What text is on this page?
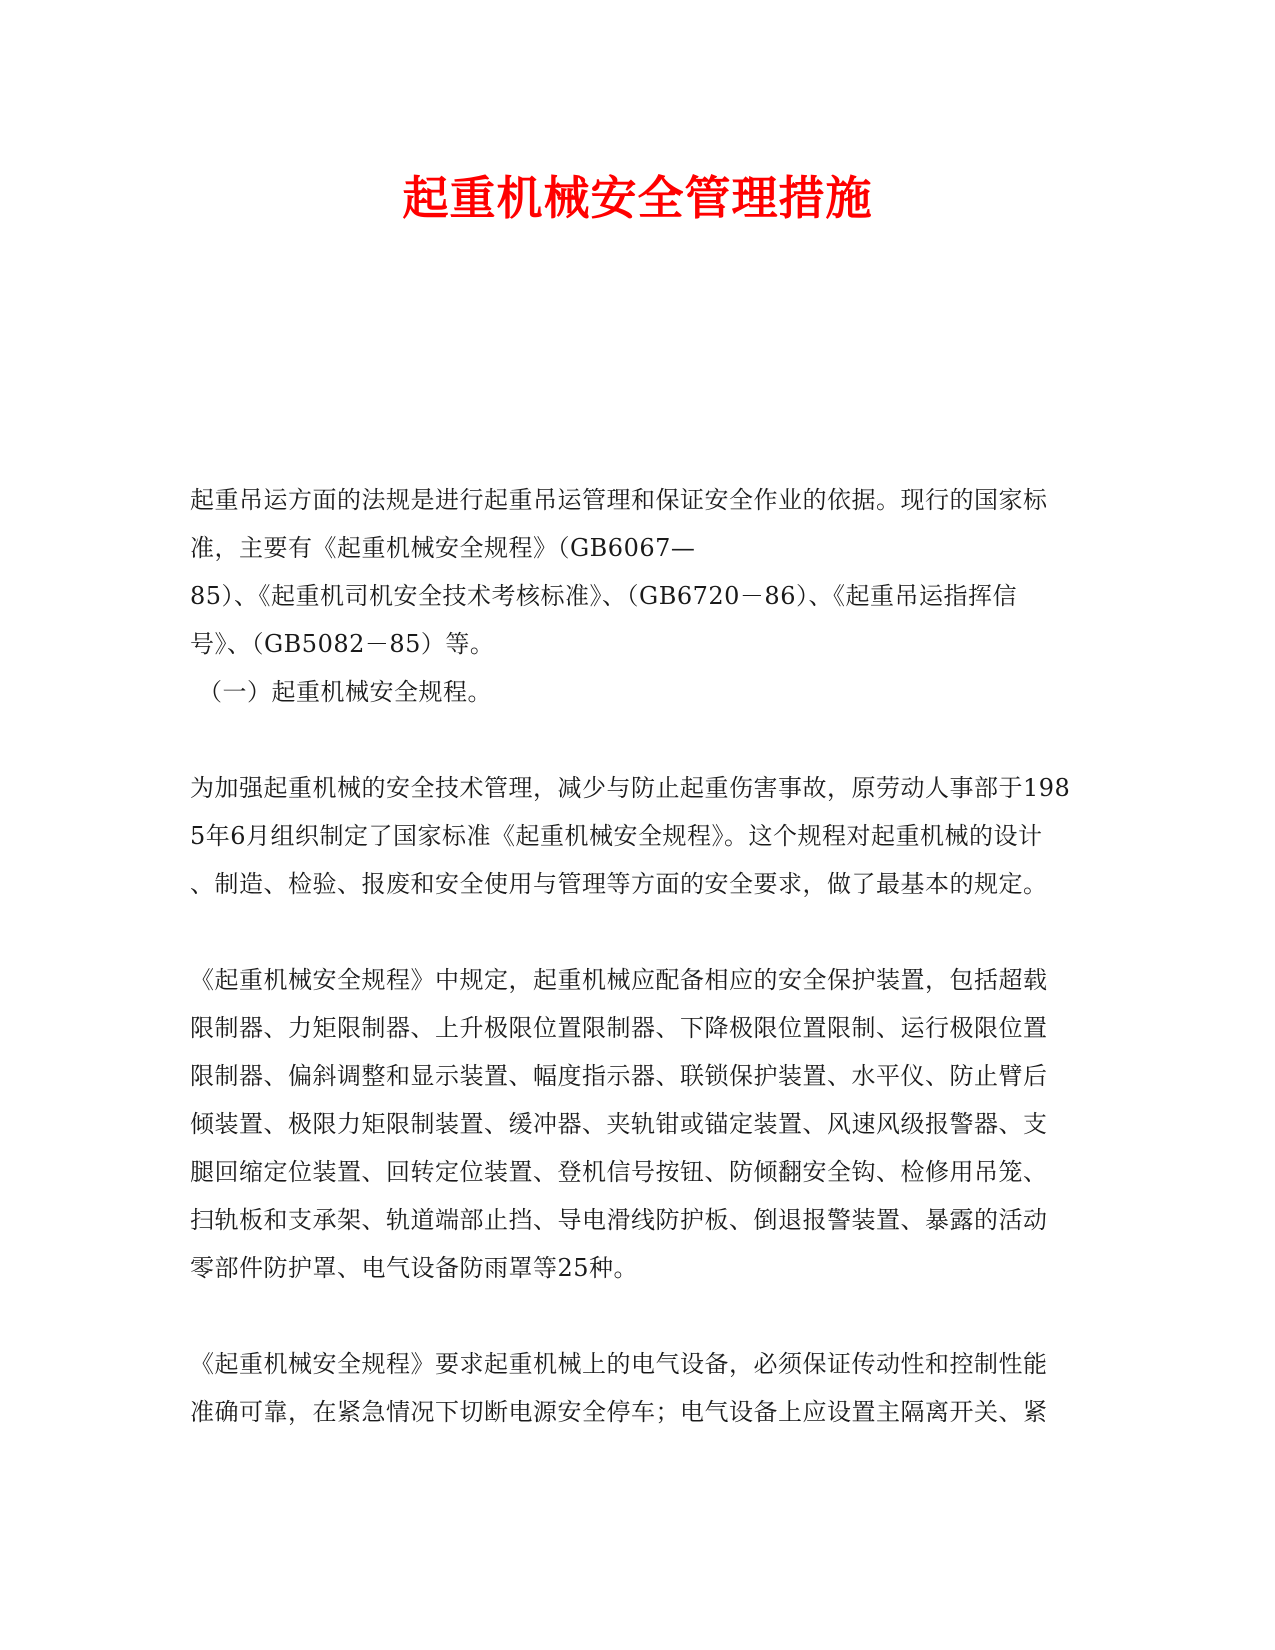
起重机械安全管理措施
起重吊运方面的法规是进行起重吊运管理和保证安全作业的依据。现行的国家标
准，主要有《起重机械安全规程》（GB6067—
85）、《起重机司机安全技术考核标准》、（GB6720－86）、《起重吊运指挥信
号》、（GB5082－85）等。
（一）起重机械安全规程。
为加强起重机械的安全技术管理，减少与防止起重伤害事故，原劳动人事部于198
5年6月组织制定了国家标准《起重机械安全规程》。这个规程对起重机械的设计
、制造、检验、报废和安全使用与管理等方面的安全要求，做了最基本的规定。
《起重机械安全规程》中规定，起重机械应配备相应的安全保护装置，包括超载
限制器、力矩限制器、上升极限位置限制器、下降极限位置限制、运行极限位置
限制器、偏斜调整和显示装置、幅度指示器、联锁保护装置、水平仪、防止臂后
倾装置、极限力矩限制装置、缓冲器、夹轨钳或锚定装置、风速风级报警器、支
腿回缩定位装置、回转定位装置、登机信号按钮、防倾翻安全钩、检修用吊笼、
扫轨板和支承架、轨道端部止挡、导电滑线防护板、倒退报警装置、暴露的活动
零部件防护罩、电气设备防雨罩等25种。
《起重机械安全规程》要求起重机械上的电气设备，必须保证传动性和控制性能
准确可靠，在紧急情况下切断电源安全停车；电气设备上应设置主隔离开关、紧
